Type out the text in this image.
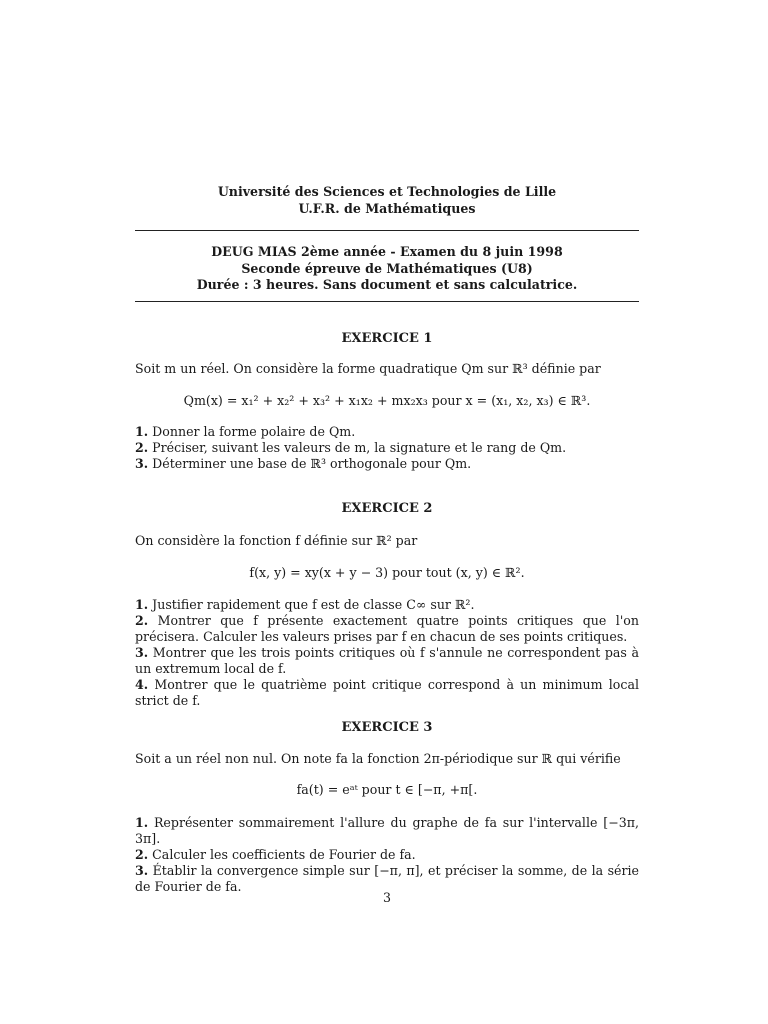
Université des Sciences et Technologies de Lille
U.F.R. de Mathématiques
DEUG MIAS 2ème année - Examen du 8 juin 1998
Seconde épreuve de Mathématiques (U8)
Durée : 3 heures. Sans document et sans calculatrice.
EXERCICE 1
Soit m un réel. On considère la forme quadratique Qm sur ℝ³ définie par
Qm(x) = x₁² + x₂² + x₃² + x₁x₂ + mx₂x₃ pour x = (x₁, x₂, x₃) ∈ ℝ³.
1. Donner la forme polaire de Qm.
2. Préciser, suivant les valeurs de m, la signature et le rang de Qm.
3. Déterminer une base de ℝ³ orthogonale pour Qm.
EXERCICE 2
On considère la fonction f définie sur ℝ² par
f(x, y) = xy(x + y − 3) pour tout (x, y) ∈ ℝ².
1. Justifier rapidement que f est de classe C∞ sur ℝ².
2. Montrer que f présente exactement quatre points critiques que l'on précisera. Calculer les valeurs prises par f en chacun de ses points critiques.
3. Montrer que les trois points critiques où f s'annule ne correspondent pas à un extremum local de f.
4. Montrer que le quatrième point critique correspond à un minimum local strict de f.
EXERCICE 3
Soit a un réel non nul. On note fa la fonction 2π-périodique sur ℝ qui vérifie
fa(t) = eᵃᵗ pour t ∈ [−π, +π[.
1. Représenter sommairement l'allure du graphe de fa sur l'intervalle [−3π, 3π].
2. Calculer les coefficients de Fourier de fa.
3. Établir la convergence simple sur [−π, π], et préciser la somme, de la série de Fourier de fa.
3
